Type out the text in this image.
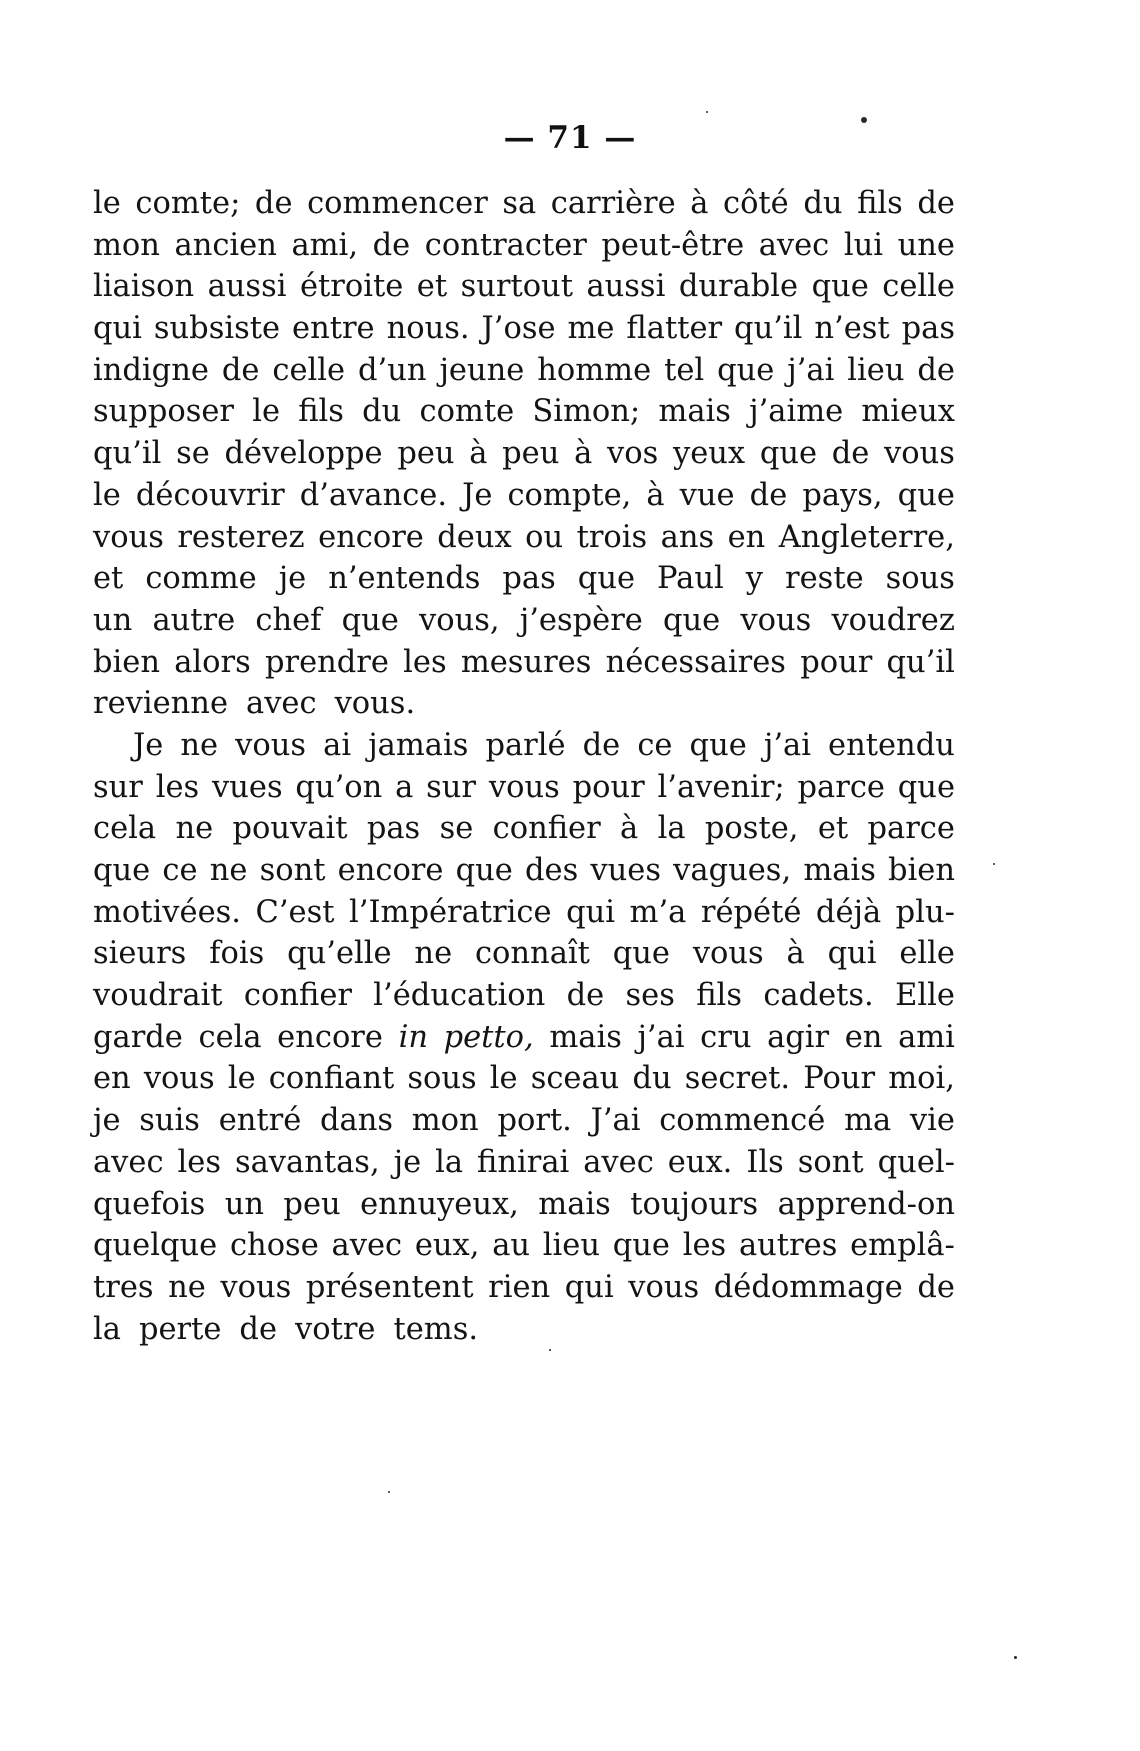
— 71 —
le comte; de commencer sa carrière à côté du fils de
mon ancien ami, de contracter peut-être avec lui une
liaison aussi étroite et surtout aussi durable que celle
qui subsiste entre nous. J’ose me flatter qu’il n’est pas
indigne de celle d’un jeune homme tel que j’ai lieu de
supposer le fils du comte Simon; mais j’aime mieux
qu’il se développe peu à peu à vos yeux que de vous
le découvrir d’avance. Je compte, à vue de pays, que
vous resterez encore deux ou trois ans en Angleterre,
et comme je n’entends pas que Paul y reste sous
un autre chef que vous, j’espère que vous voudrez
bien alors prendre les mesures nécessaires pour qu’il
revienne avec vous.
Je ne vous ai jamais parlé de ce que j’ai entendu
sur les vues qu’on a sur vous pour l’avenir; parce que
cela ne pouvait pas se confier à la poste, et parce
que ce ne sont encore que des vues vagues, mais bien
motivées. C’est l’Impératrice qui m’a répété déjà plu-
sieurs fois qu’elle ne connaît que vous à qui elle
voudrait confier l’éducation de ses fils cadets. Elle
garde cela encore in petto, mais j’ai cru agir en ami
en vous le confiant sous le sceau du secret. Pour moi,
je suis entré dans mon port. J’ai commencé ma vie
avec les savantas, je la finirai avec eux. Ils sont quel-
quefois un peu ennuyeux, mais toujours apprend-on
quelque chose avec eux, au lieu que les autres emplâ-
tres ne vous présentent rien qui vous dédommage de
la perte de votre tems.
